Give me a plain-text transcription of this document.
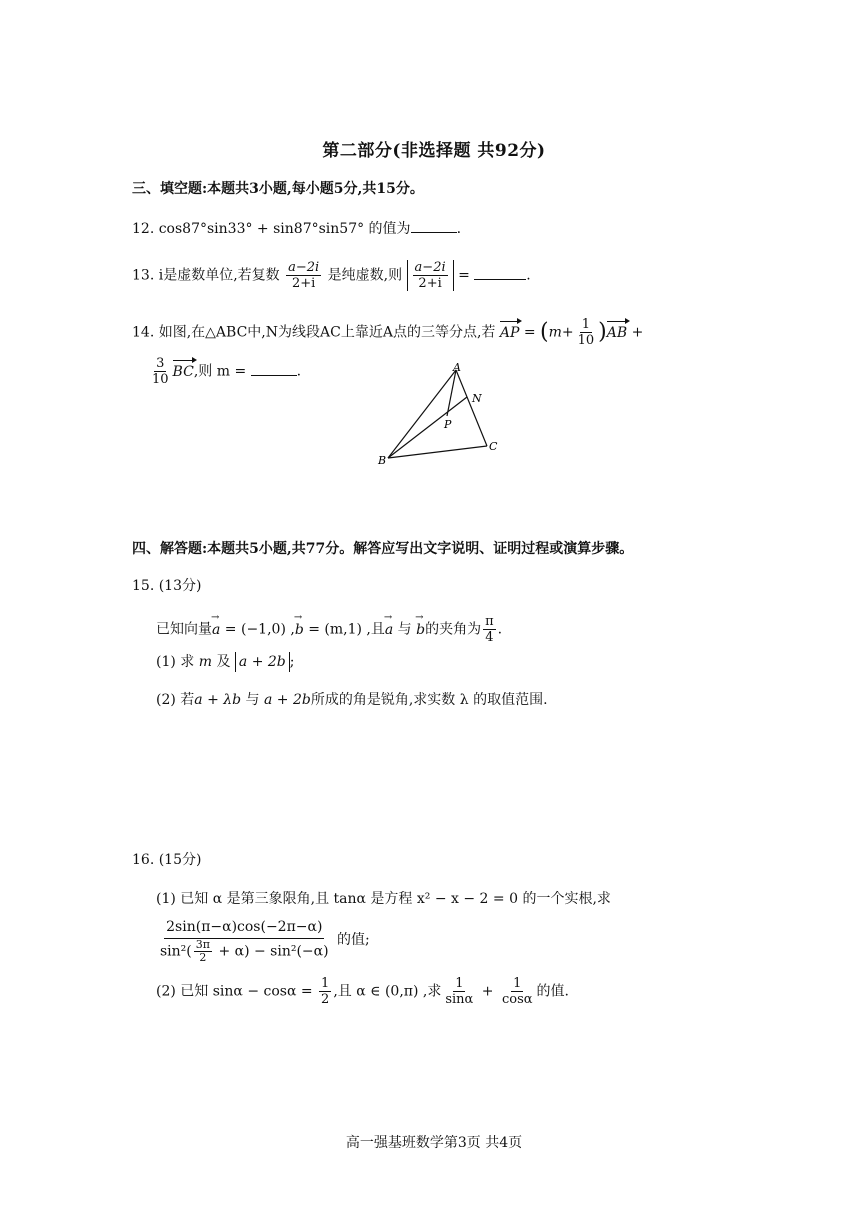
第二部分(非选择题 共92分)
三、填空题:本题共3小题,每小题5分,共15分。
12. cos87°sin33° + sin87°sin57° 的值为	.
13. i是虚数单位,若复数 $\frac{a-2i}{2+i}$ 是纯虚数,则 $\frac{a-2i}{2+i}$ =	.
14. 如图,在△ABC中,N为线段AC上靠近A点的三等分点,若 AP = $(m+ \frac{1}{10} )AB$ +
$\frac{3}{10}$ BC,则 m =	.	A
B
C
N
P
四、解答题:本题共5小题,共77分。解答应写出文字说明、证明过程或演算步骤。
15. (13分)
已知向量a → = (−1,0) ,b → = (m,1) ,且a → 与 b →的夹角为 $\frac{\pi}{4}$ .
(1) 求 m 及 a + 2b ;
(2) 若a + λb 与 a + 2b所成的角是锐角,求实数 λ 的取值范围.
16. (15分)
(1) 已知 α 是第三象限角,且 tanα 是方程 x² − x − 2 = 0 的一个实根,求
$\frac{2\sin(\pi-\alpha)\cos(-2\pi-\alpha)}{\sin^2( \frac{3\pi}{2} + \alpha) - \sin^2(-\alpha)}$ 的值;
(2) 已知 $\sin\alpha - \cos\alpha = \frac{1}{2}$ ,且 α ∈ (0,π) ,求 $\frac{1}{\sin\alpha} + \frac{1}{\cos\alpha}$ 的值.
高一强基班数学第3页 共4页
